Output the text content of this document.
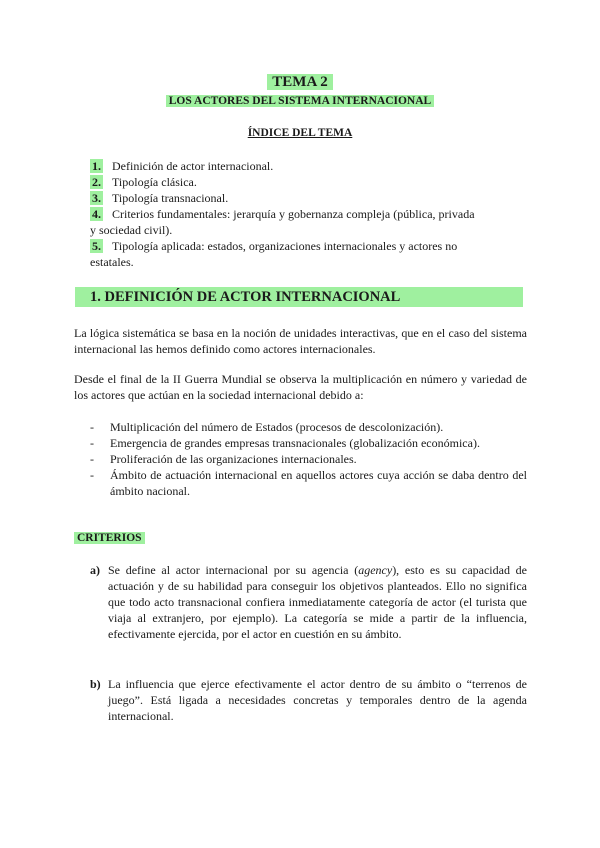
TEMA 2
LOS ACTORES DEL SISTEMA INTERNACIONAL
ÍNDICE DEL TEMA
1. Definición de actor internacional.
2. Tipología clásica.
3. Tipología transnacional.
4. Criterios fundamentales: jerarquía y gobernanza compleja (pública, privada
y sociedad civil).
5. Tipología aplicada: estados, organizaciones internacionales y actores no
estatales.
1. DEFINICIÓN DE ACTOR INTERNACIONAL
La lógica sistemática se basa en la noción de unidades interactivas, que en el caso del sistema internacional las hemos definido como actores internacionales.
Desde el final de la II Guerra Mundial se observa la multiplicación en número y variedad de los actores que actúan en la sociedad internacional debido a:
- Multiplicación del número de Estados (procesos de descolonización).
- Emergencia de grandes empresas transnacionales (globalización económica).
- Proliferación de las organizaciones internacionales.
- Ámbito de actuación internacional en aquellos actores cuya acción se daba dentro del ámbito nacional.
CRITERIOS
a) Se define al actor internacional por su agencia (agency), esto es su capacidad de actuación y de su habilidad para conseguir los objetivos planteados. Ello no significa que todo acto transnacional confiera inmediatamente categoría de actor (el turista que viaja al extranjero, por ejemplo). La categoría se mide a partir de la influencia, efectivamente ejercida, por el actor en cuestión en su ámbito.
b) La influencia que ejerce efectivamente el actor dentro de su ámbito o “terrenos de juego”. Está ligada a necesidades concretas y temporales dentro de la agenda internacional.
